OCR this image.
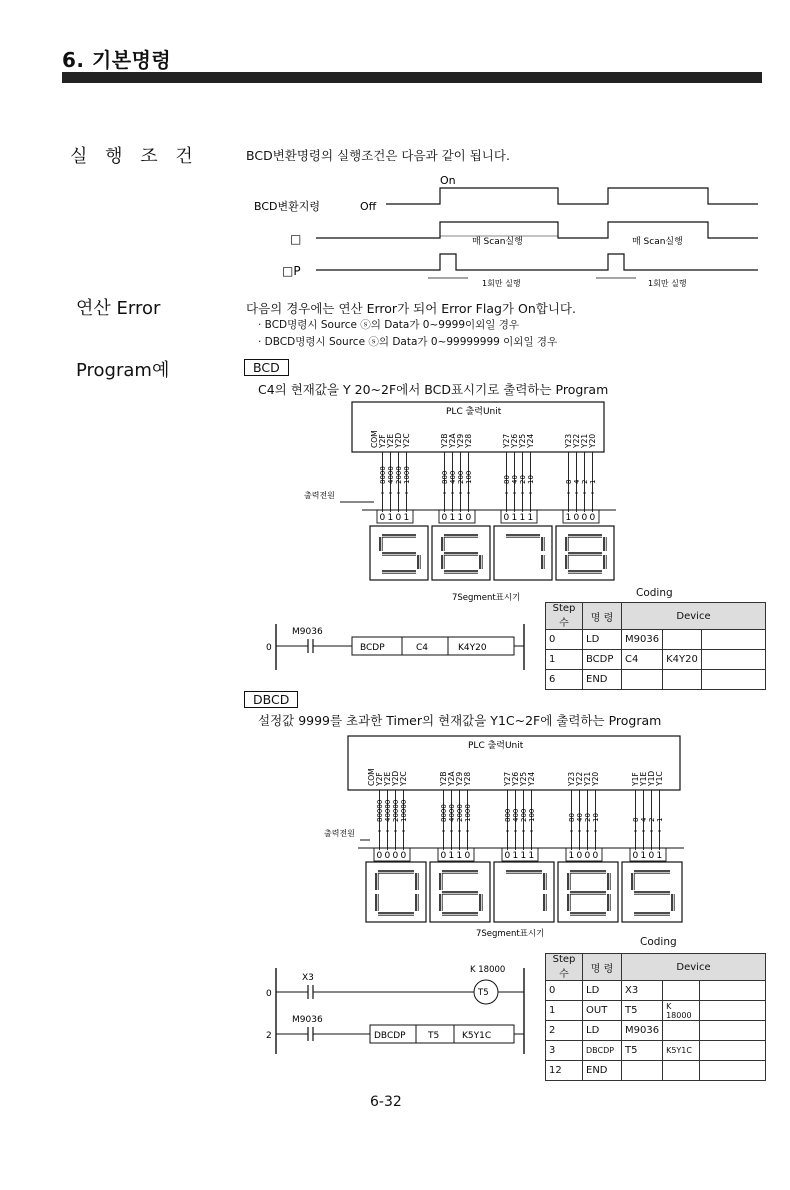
6. 기본명령
실 행 조 건	BCD변환명령의 실행조건은 다음과 같이 됩니다.
On
BCD변환지령	Off
□	매 Scan실행	매 Scan실행
□P
1회만 실행	1회만 실행
연산 Error	다음의 경우에는 연산 Error가 되어 Error Flag가 On합니다.
· BCD명령시 Source ⓢ의 Data가 0~9999이외일 경우
· DBCD명령시 Source ⓢ의 Data가 0~99999999 이외일 경우
Program예	BCD
C4의 현재값을 Y 20~2F에서 BCD표시기로 출력하는 Program
PLC 출력Unit
COM Y2F Y2E Y2D Y2C	Y2B Y2A Y29 Y28	Y27 Y26 Y25 Y24	Y23 Y22 Y21 Y20
8000 4000 2000 1000	800 400 200 100	80 40 20 10	8 4 2 1
출력전원
0 1 0 1	0 1 1 0	0 1 1 1	1 0 0 0
7Segment표시기	Coding
0
M9036
BCDP	C4	K4Y20
Step수	명 령	Device		
0	LD	M9036		
1	BCDP	C4	K4Y20	
6	END			
DBCD
설정값 9999를 초과한 Timer의 현재값을 Y1C~2F에 출력하는 Program
PLC 출력Unit
COM Y2F Y2E Y2D Y2C	Y2B Y2A Y29 Y28	Y27 Y26 Y25 Y24	Y23 Y22 Y21 Y20	Y1F Y1E Y1D Y1C
80000 40000 20000 10000	8000 4000 2000 1000	800 400 200 100	80 40 20 10	8 4 2 1
출력전원
0 0 0 0	0 1 1 0	0 1 1 1	1 0 0 0	0 1 0 1
7Segment표시기
Coding
0
X3
K 18000
T5
2
M9036
DBCDP T5	K5Y1C
Step수	명 령	Device		
0	LD	X3		
1	OUT	T5	K 18000	
2	LD	M9036		
3	DBCDP	T5	K5Y1C	
12	END			
6-32
